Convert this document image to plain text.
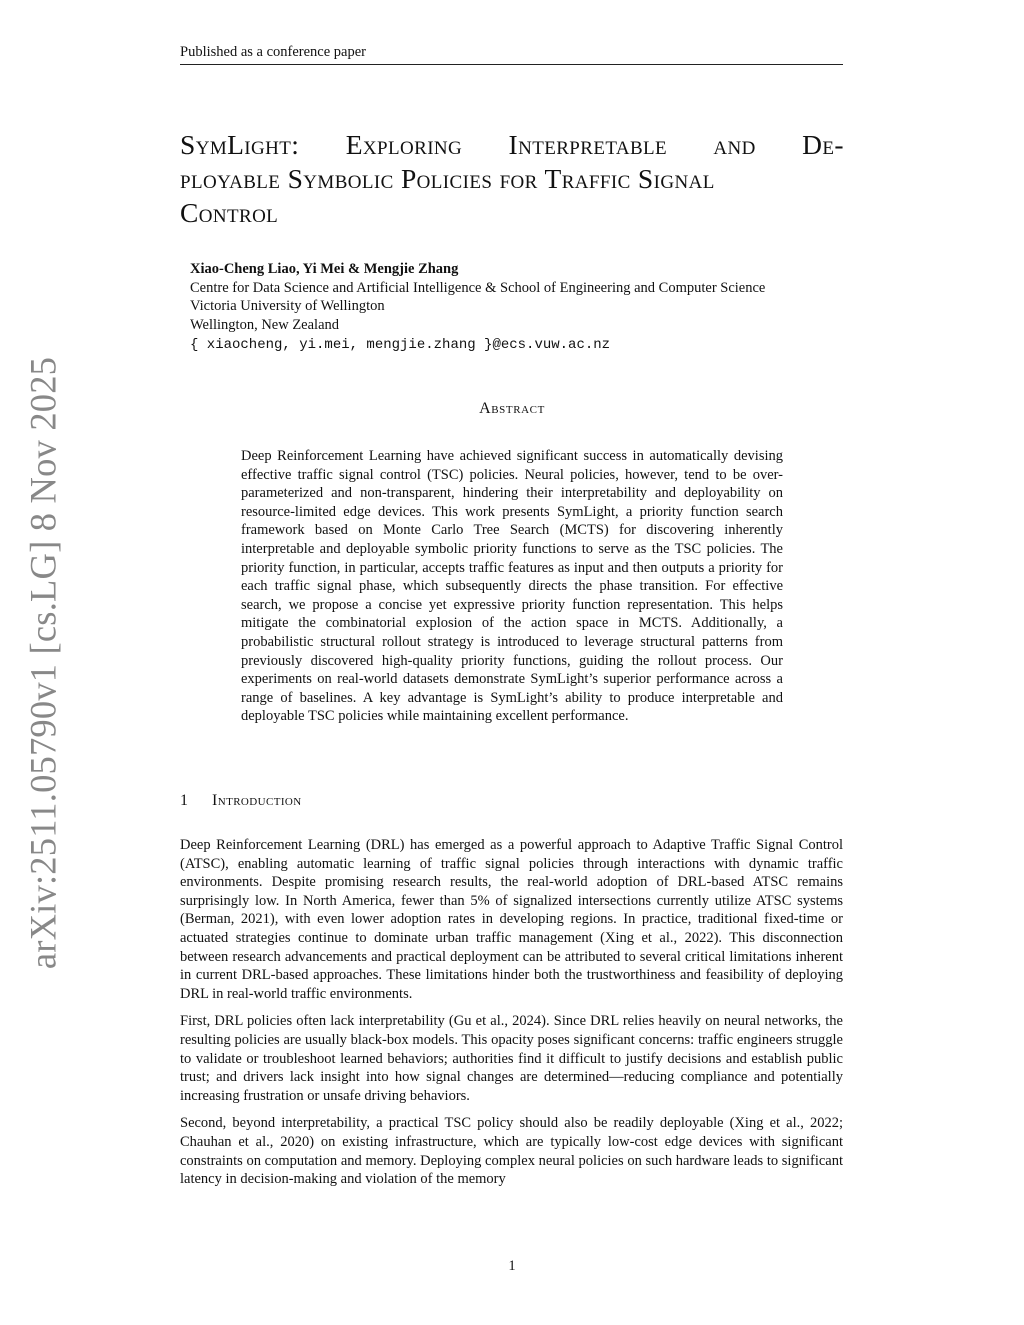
Published as a conference paper
arXiv:2511.05790v1 [cs.LG] 8 Nov 2025
SymLight: Exploring Interpretable and De-
ployable Symbolic Policies for Traffic Signal
Control
Xiao-Cheng Liao, Yi Mei & Mengjie Zhang
Centre for Data Science and Artificial Intelligence & School of Engineering and Computer Science
Victoria University of Wellington
Wellington, New Zealand
{ xiaocheng, yi.mei, mengjie.zhang }@ecs.vuw.ac.nz
Abstract
Deep Reinforcement Learning have achieved significant success in automatically devising effective traffic signal control (TSC) policies. Neural policies, however, tend to be over-parameterized and non-transparent, hindering their interpretability and deployability on resource-limited edge devices. This work presents SymLight, a priority function search framework based on Monte Carlo Tree Search (MCTS) for discovering inherently interpretable and deployable symbolic priority functions to serve as the TSC policies. The priority function, in particular, accepts traffic features as input and then outputs a priority for each traffic signal phase, which subsequently directs the phase transition. For effective search, we propose a concise yet expressive priority function representation. This helps mitigate the combinatorial explosion of the action space in MCTS. Additionally, a probabilistic structural rollout strategy is introduced to leverage structural patterns from previously discovered high-quality priority functions, guiding the rollout process. Our experiments on real-world datasets demonstrate SymLight’s superior performance across a range of baselines. A key advantage is SymLight’s ability to produce interpretable and deployable TSC policies while maintaining excellent performance.
1 Introduction

Deep Reinforcement Learning (DRL) has emerged as a powerful approach to Adaptive Traffic Signal Control (ATSC), enabling automatic learning of traffic signal policies through interactions with dynamic traffic environments. Despite promising research results, the real-world adoption of DRL-based ATSC remains surprisingly low. In North America, fewer than 5% of signalized intersections currently utilize ATSC systems (Berman, 2021), with even lower adoption rates in developing regions. In practice, traditional fixed-time or actuated strategies continue to dominate urban traffic management (Xing et al., 2022). This disconnection between research advancements and practical deployment can be attributed to several critical limitations inherent in current DRL-based approaches. These limitations hinder both the trustworthiness and feasibility of deploying DRL in real-world traffic environments.

First, DRL policies often lack interpretability (Gu et al., 2024). Since DRL relies heavily on neural networks, the resulting policies are usually black-box models. This opacity poses significant concerns: traffic engineers struggle to validate or troubleshoot learned behaviors; authorities find it difficult to justify decisions and establish public trust; and drivers lack insight into how signal changes are determined—reducing compliance and potentially increasing frustration or unsafe driving behaviors.

Second, beyond interpretability, a practical TSC policy should also be readily deployable (Xing et al., 2022; Chauhan et al., 2020) on existing infrastructure, which are typically low-cost edge devices with significant constraints on computation and memory. Deploying complex neural policies on such hardware leads to significant latency in decision-making and violation of the memory

1
